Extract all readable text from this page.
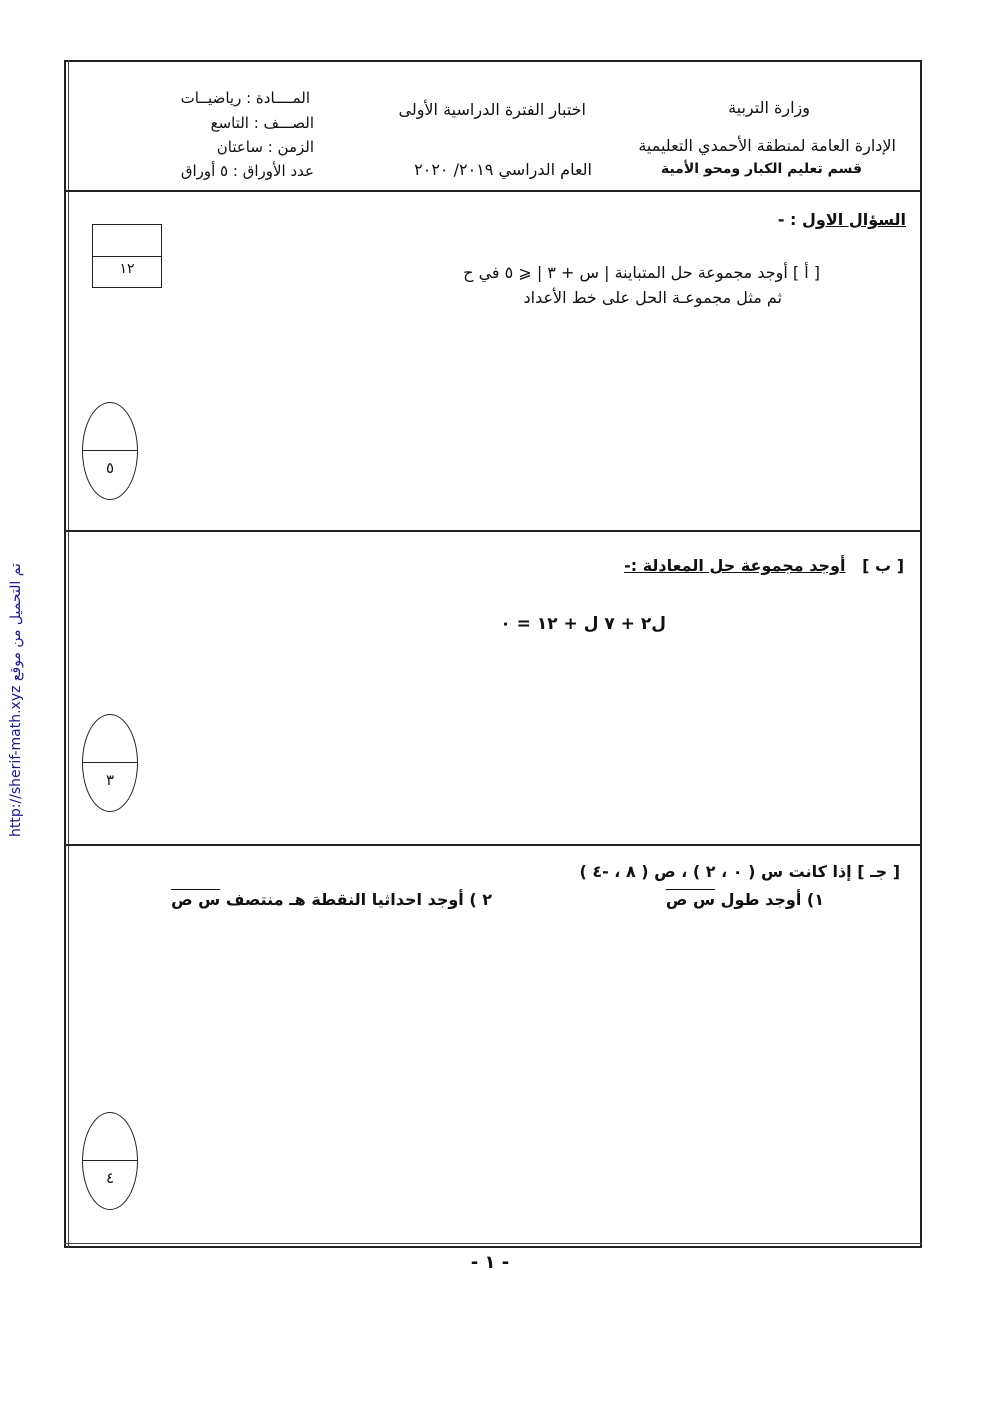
تم التحميل من موقع

http://sherif-math.xyz
وزارة التربية
الإدارة العامة لمنطقة الأحمدي التعليمية
قسم تعليم الكبار ومحو الأمية
اختبار الفترة الدراسية الأولى
العام الدراسي ٢٠١٩/ ٢٠٢٠
المــــادة : رياضيــات
الصـــف : التاسع
الزمن : ساعتان
عدد الأوراق : ٥ أوراق
السؤال الاول : -
١٢	[ أ ] أوجد مجموعة حل المتباينة | س + ٣ | ⩽ ٥ في ح
ثم مثل مجموعـة الحل على خط الأعداد
٥
[ ب ]   أوجد مجموعة حل المعادلة :-
ل٢ + ٧ ل + ١٢ = ٠
٣
[ جـ ] إذا كانت س ( ٠ ، ٢ ) ، ص ( ٨ ، -٤ )
١) أوجد طول س ص
٢ ) أوجد احداثيا النقطة هـ منتصف س ص
٤
- ١ -
